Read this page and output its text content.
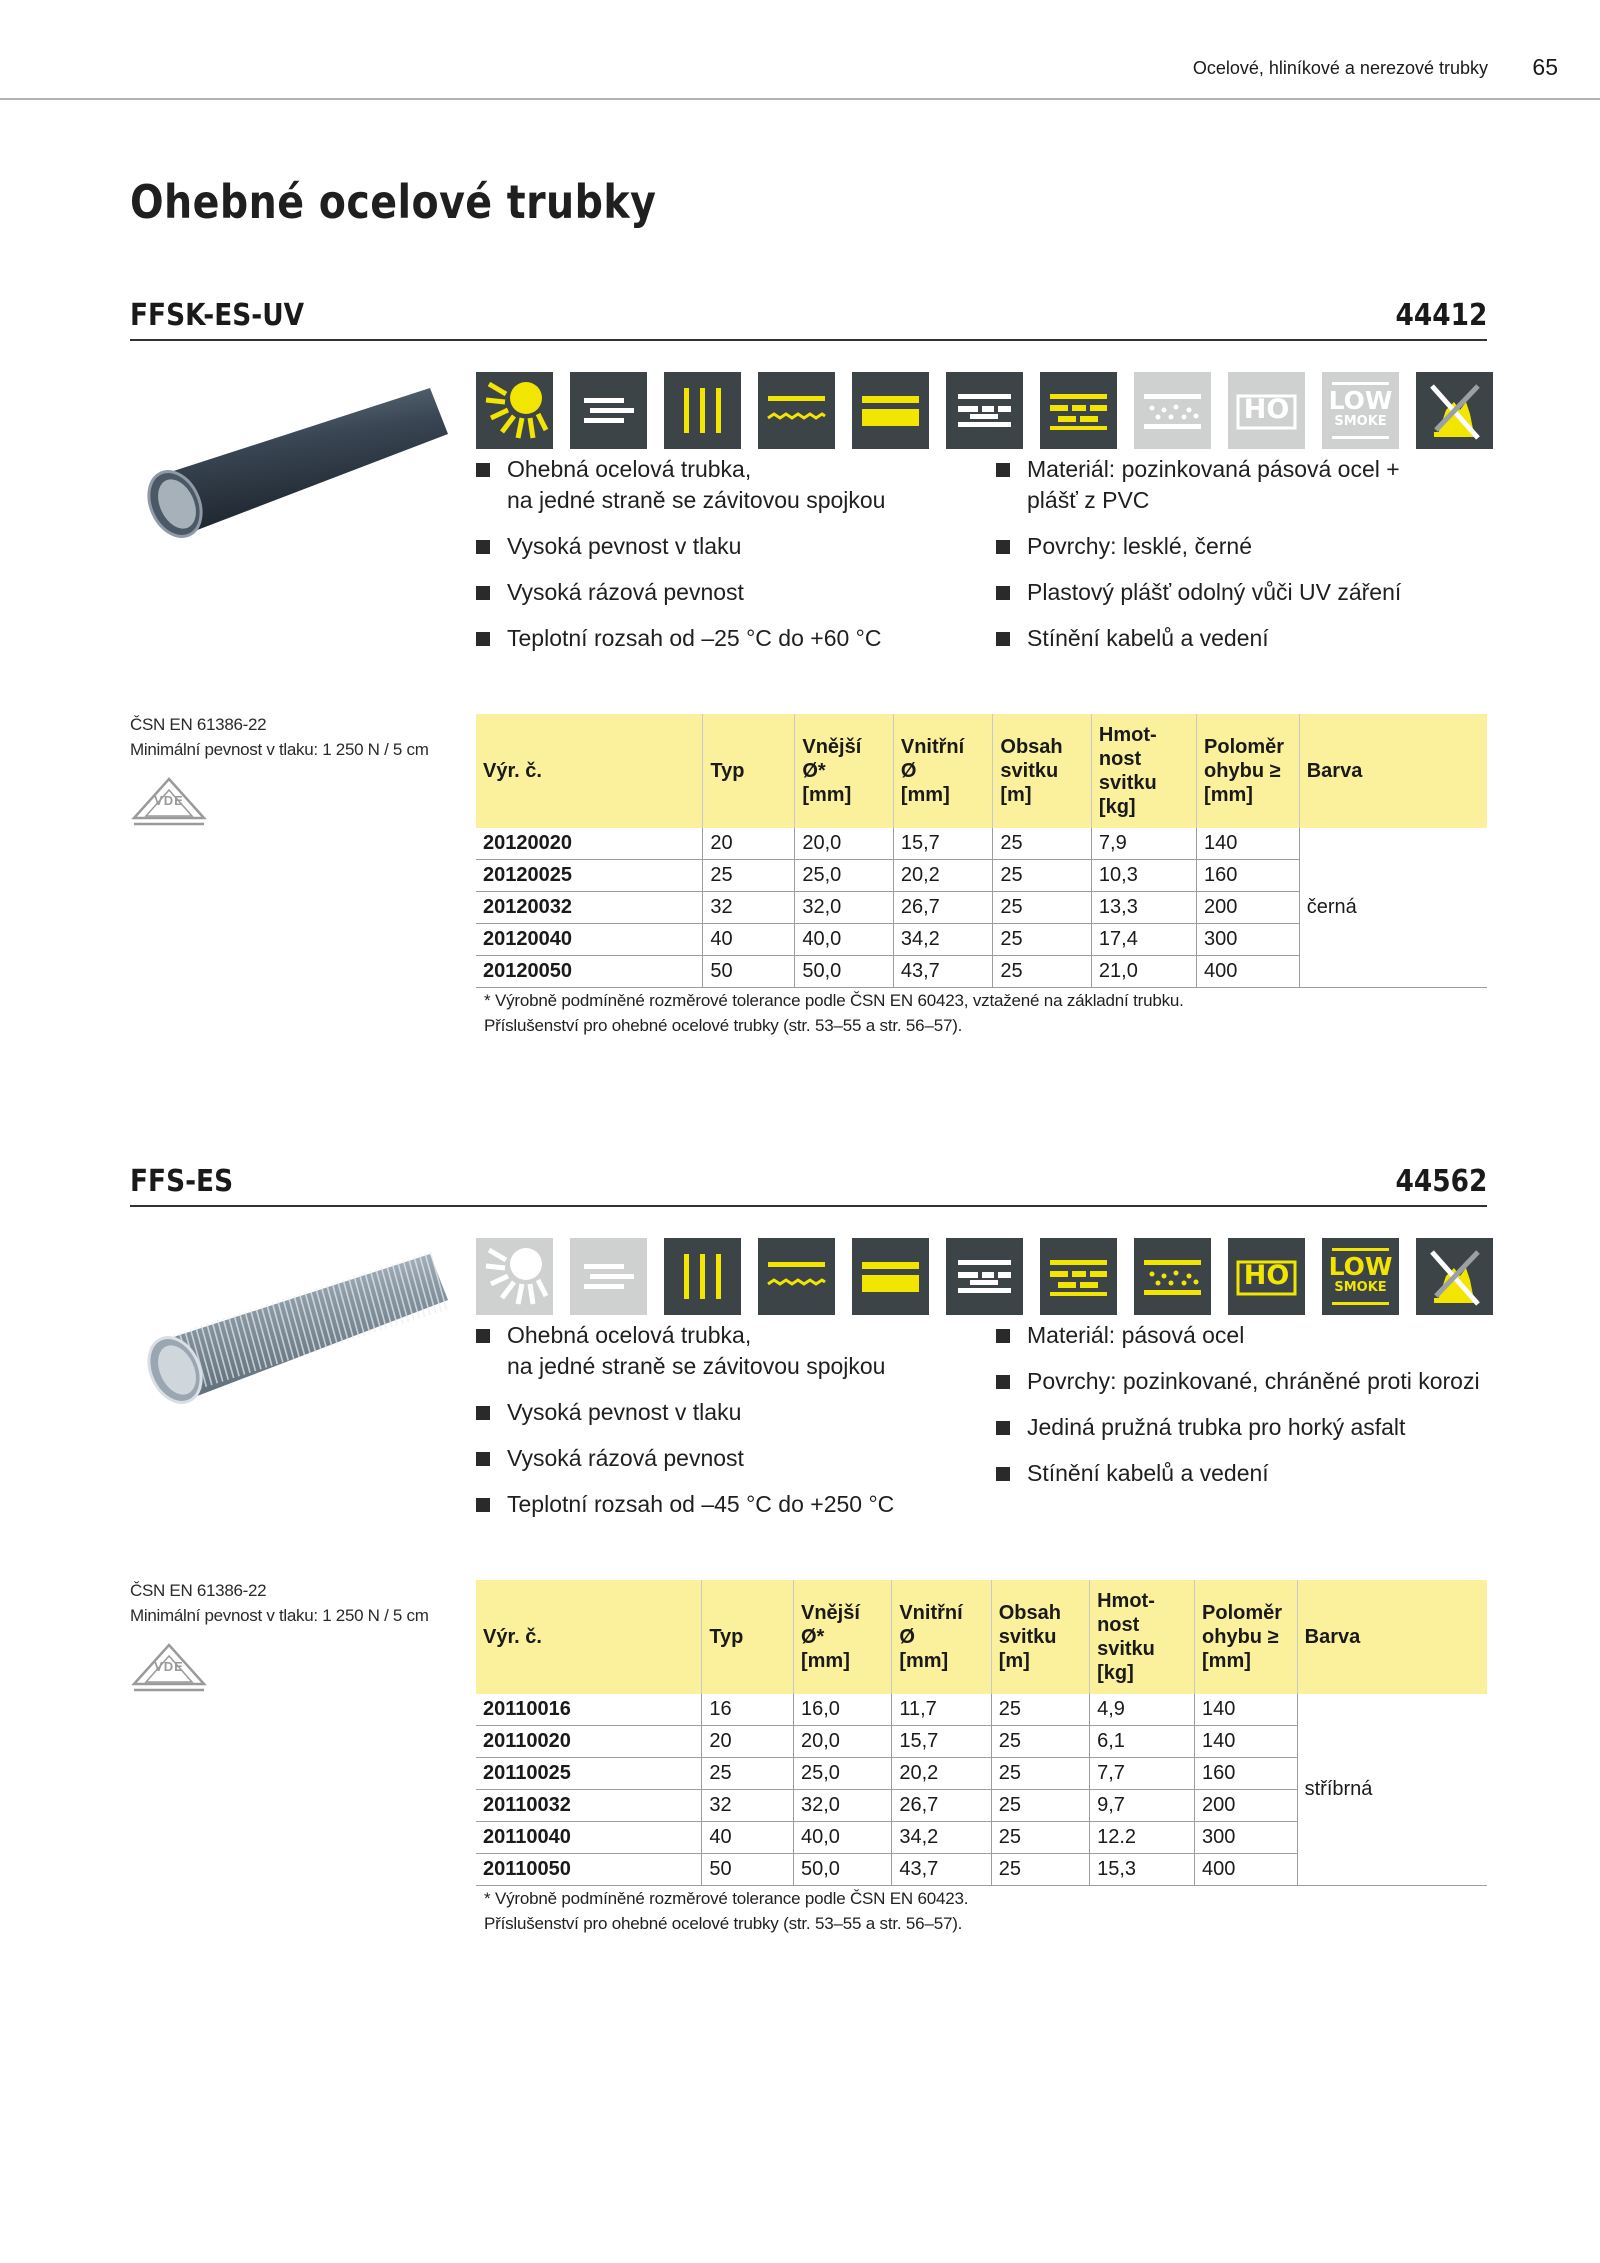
Ocelové, hliníkové a nerezové trubky 65
Ohebné ocelové trubky
FFSK-ES-UV	44412
HO	LOW
SMOKE
Ohebná ocelová trubka,
na jedné straně se závitovou spojkou
Vysoká pevnost v tlaku
Vysoká rázová pevnost
Teplotní rozsah od –25 °C do +60 °C
Materiál: pozinkovaná pásová ocel +
plášť z PVC
Povrchy: lesklé, černé
Plastový plášť odolný vůči UV záření
Stínění kabelů a vedení
ČSN EN 61386-22
Minimální pevnost v tlaku: 1 250 N / 5 cm
VDE
Výr. č.	Typ	Vnější
Ø*
[mm]	Vnitřní
Ø
[mm]	Obsah
svitku
[m]	Hmot-
nost
svitku
[kg]	Poloměr
ohybu ≥
[mm]	Barva
20120020	20	20,0	15,7	25	7,9	140	černá
20120025	25	25,0	20,2	25	10,3	160	
20120032	32	32,0	26,7	25	13,3	200	
20120040	40	40,0	34,2	25	17,4	300	
20120050	50	50,0	43,7	25	21,0	400	
* Výrobně podmíněné rozměrové tolerance podle ČSN EN 60423, vztažené na základní trubku.
Příslušenství pro ohebné ocelové trubky (str. 53–55 a str. 56–57).
FFS-ES	44562
HO	LOW
SMOKE
Ohebná ocelová trubka,
na jedné straně se závitovou spojkou
Vysoká pevnost v tlaku
Vysoká rázová pevnost
Teplotní rozsah od –45 °C do +250 °C
Materiál: pásová ocel
Povrchy: pozinkované, chráněné proti korozi
Jediná pružná trubka pro horký asfalt
Stínění kabelů a vedení
ČSN EN 61386-22
Minimální pevnost v tlaku: 1 250 N / 5 cm
VDE
Výr. č.	Typ	Vnější
Ø*
[mm]	Vnitřní
Ø
[mm]	Obsah
svitku
[m]	Hmot-
nost
svitku
[kg]	Poloměr
ohybu ≥
[mm]	Barva
20110016	16	16,0	11,7	25	4,9	140	stříbrná
20110020	20	20,0	15,7	25	6,1	140	
20110025	25	25,0	20,2	25	7,7	160	
20110032	32	32,0	26,7	25	9,7	200	
20110040	40	40,0	34,2	25	12.2	300	
20110050	50	50,0	43,7	25	15,3	400	
* Výrobně podmíněné rozměrové tolerance podle ČSN EN 60423.
Příslušenství pro ohebné ocelové trubky (str. 53–55 a str. 56–57).
